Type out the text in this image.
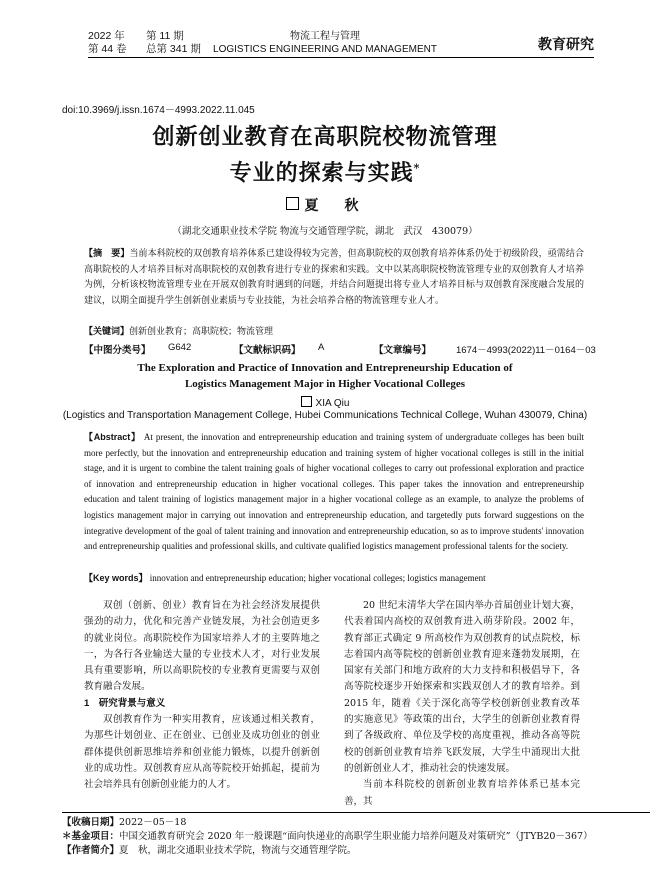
2022 年 第 11 期
第 44 卷 总第 341 期
物流工程与管理
LOGISTICS ENGINEERING AND MANAGEMENT	教育研究
doi:10.3969/j.issn.1674－4993.2022.11.045
创新创业教育在高职院校物流管理
专业的探索与实践*
夏　秋
（湖北交通职业技术学院 物流与交通管理学院，湖北　武汉　430079）
【摘　要】当前本科院校的双创教育培养体系已建设得较为完善，但高职院校的双创教育培养体系仍处于初级阶段，亟需结合高职院校的人才培养目标对高职院校的双创教育进行专业的探索和实践。文中以某高职院校物流管理专业的双创教育人才培养为例，分析该校物流管理专业在开展双创教育时遇到的问题，并结合问题提出将专业人才培养目标与双创教育深度融合发展的建议，以期全面提升学生创新创业素质与专业技能，为社会培养合格的物流管理专业人才。
【关键词】创新创业教育；高职院校；物流管理
【中图分类号】 G642	【文献标识码】 A	【文章编号】	1674－4993(2022)11－0164－03
The Exploration and Practice of Innovation and Entrepreneurship Education of
Logistics Management Major in Higher Vocational Colleges
XIA Qiu
(Logistics and Transportation Management College, Hubei Communications Technical College, Wuhan 430079, China)
【Abstract】 At present, the innovation and entrepreneurship education and training system of undergraduate colleges has been built more perfectly, but the innovation and entrepreneurship education and training system of higher vocational colleges is still in the initial stage, and it is urgent to combine the talent training goals of higher vocational colleges to carry out professional exploration and practice of innovation and entrepreneurship education in higher vocational colleges. This paper takes the innovation and entrepreneurship education and talent training of logistics management major in a higher vocational college as an example, to analyze the problems of logistics management major in carrying out innovation and entrepreneurship education, and targetedly puts forward suggestions on the integrative development of the goal of talent training and innovation and entrepreneurship education, so as to improve students' innovation and entrepreneurship qualities and professional skills, and cultivate qualified logistics management professional talents for the society.
【Key words】 innovation and entrepreneurship education; higher vocational colleges; logistics management

双创（创新、创业）教育旨在为社会经济发展提供强劲的动力，优化和完善产业链发展，为社会创造更多的就业岗位。高职院校作为国家培养人才的主要阵地之一，为各行各业输送大量的专业技术人才，对行业发展具有重要影响，所以高职院校的专业教育更需要与双创教育融合发展。

1　研究背景与意义

双创教育作为一种实用教育，应该通过相关教育，为那些计划创业、正在创业、已创业及成功创业的创业群体提供创新思维培养和创业能力锻炼，以提升创新创业的成功性。双创教育应从高等院校开始抓起，提前为社会培养具有创新创业能力的人才。

20 世纪末清华大学在国内举办首届创业计划大赛，代表着国内高校的双创教育进入萌芽阶段。2002 年，教育部正式确定 9 所高校作为双创教育的试点院校，标志着国内高等院校的创新创业教育迎来蓬勃发展期，在国家有关部门和地方政府的大力支持和积极倡导下，各高等院校逐步开始探索和实践双创人才的教育培养。到 2015 年，随着《关于深化高等学校创新创业教育改革的实施意见》等政策的出台，大学生的创新创业教育得到了各级政府、单位及学校的高度重视，推动各高等院校的创新创业教育培养飞跃发展，大学生中涌现出大批的创新创业人才，推动社会的快速发展。

当前本科院校的创新创业教育培养体系已基本完善，其

【收稿日期】2022－05－18
＊基金项目：中国交通教育研究会 2020 年一般课题“面向快递业的高职学生职业能力培养问题及对策研究”（JTYB20－367）
【作者简介】夏　秋，湖北交通职业技术学院，物流与交通管理学院。
